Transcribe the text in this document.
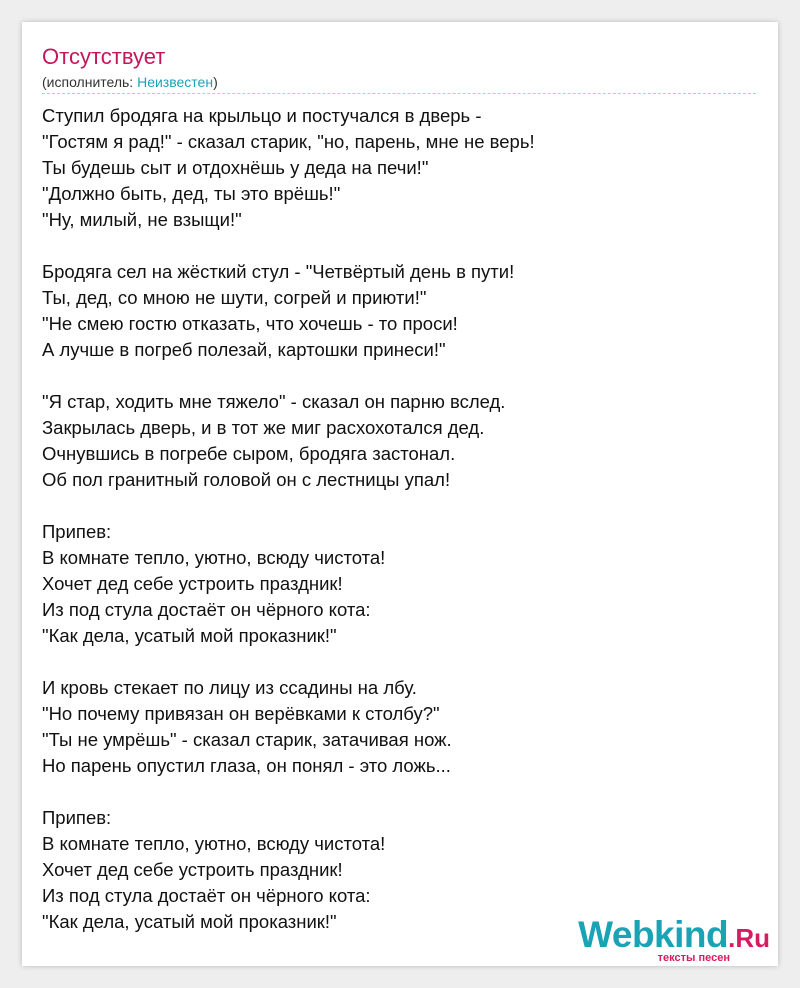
Отсутствует
(исполнитель: Неизвестен)
Ступил бродяга на крыльцо и постучался в дверь -
"Гостям я рад!" - сказал старик, "но, парень, мне не верь!
Ты будешь сыт и отдохнёшь у деда на печи!"
"Должно быть, дед, ты это врёшь!"
"Ну, милый, не взыщи!"
Бродяга сел на жёсткий стул - "Четвёртый день в пути!
Ты, дед, со мною не шути, согрей и приюти!"
"Не смею гостю отказать, что хочешь - то проси!
А лучше в погреб полезай, картошки принеси!"
"Я стар, ходить мне тяжело" - сказал он парню вслед.
Закрылась дверь, и в тот же миг расхохотался дед.
Очнувшись в погребе сыром, бродяга застонал.
Об пол гранитный головой он с лестницы упал!
Припев:
В комнате тепло, уютно, всюду чистота!
Хочет дед себе устроить праздник!
Из под стула достаёт он чёрного кота:
"Как дела, усатый мой проказник!"
И кровь стекает по лицу из ссадины на лбу.
"Но почему привязан он верёвками к столбу?"
"Ты не умрёшь" - сказал старик, затачивая нож.
Но парень опустил глаза, он понял - это ложь...
Припев:
В комнате тепло, уютно, всюду чистота!
Хочет дед себе устроить праздник!
Из под стула достаёт он чёрного кота:
"Как дела, усатый мой проказник!"	Webkind.Ru
тексты песен
